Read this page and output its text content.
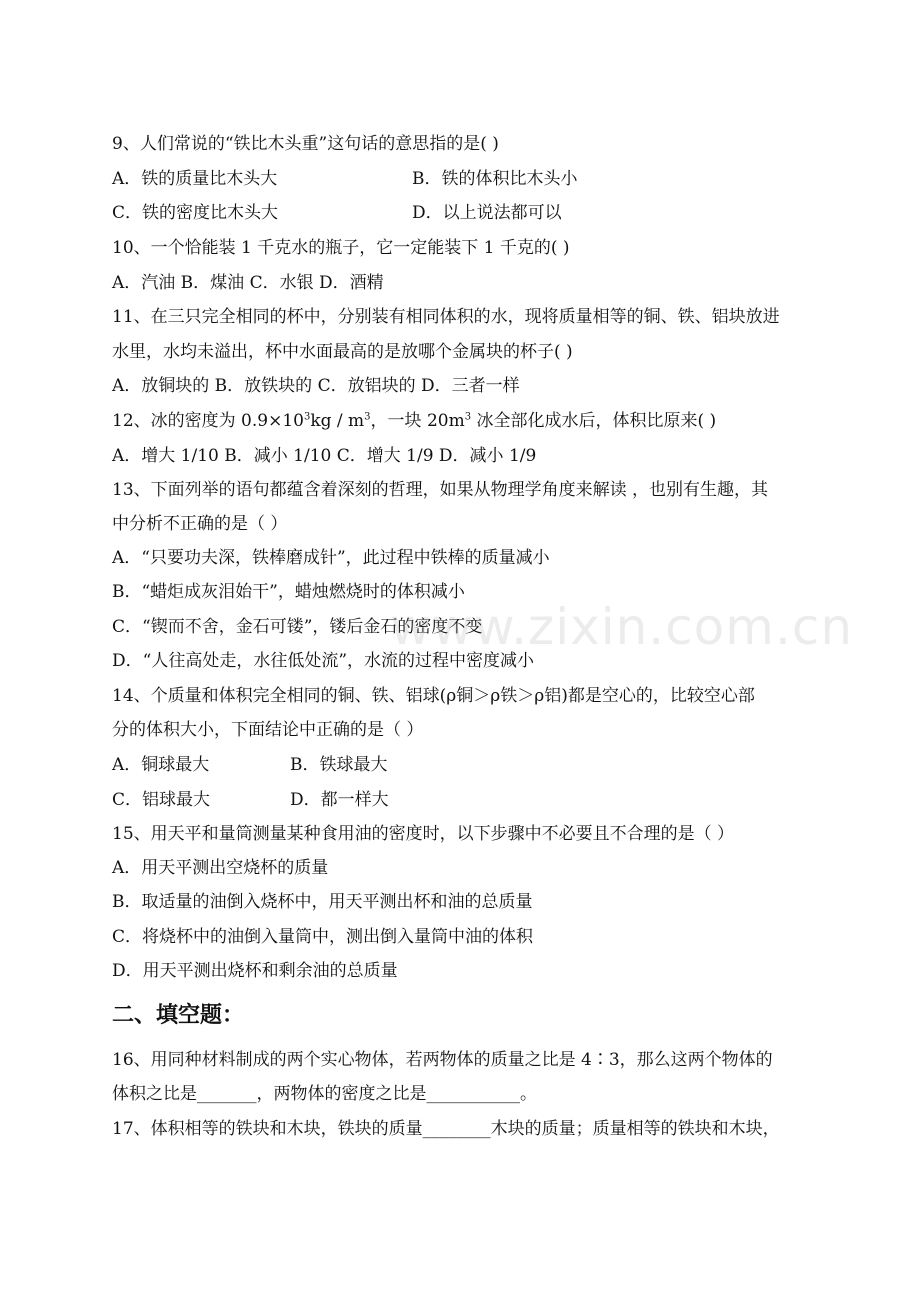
9、人们常说的“铁比木头重”这句话的意思指的是( )
A．铁的质量比木头大	B．铁的体积比木头小
C．铁的密度比木头大	D．以上说法都可以
10、一个恰能装 1 千克水的瓶子，它一定能装下 1 千克的( )
A．汽油 B．煤油 C．水银 D．酒精
11、在三只完全相同的杯中，分别装有相同体积的水，现将质量相等的铜、铁、铝块放进
水里，水均未溢出，杯中水面最高的是放哪个金属块的杯子( )
A．放铜块的 B．放铁块的 C．放铝块的 D．三者一样
12、冰的密度为 $0.9\times 10^3kg / m^3$，一块 $20m^3$ 冰全部化成水后，体积比原来( )
A．增大 1/10 B．减小 1/10 C．增大 1/9 D．减小 1/9
13、下面列举的语句都蕴含着深刻的哲理，如果从物理学角度来解读 ，也别有生趣，其
中分析不正确的是（ ）
A．“只要功夫深，铁棒磨成针”，此过程中铁棒的质量减小
B．“蜡炬成灰泪始干”，蜡烛燃烧时的体积减小
C．“锲而不舍，金石可镂”，镂后金石的密度不变
D．“人往高处走，水往低处流”，水流的过程中密度减小
14、个质量和体积完全相同的铜、铁、铝球(ρ铜＞ρ铁＞ρ铝)都是空心的，比较空心部
分的体积大小，下面结论中正确的是（ ）
A．铜球最大	B．铁球最大
C．铝球最大	D．都一样大
15、用天平和量筒测量某种食用油的密度时，以下步骤中不必要且不合理的是（ ）
A．用天平测出空烧杯的质量
B．取适量的油倒入烧杯中，用天平测出杯和油的总质量
C．将烧杯中的油倒入量筒中，测出倒入量筒中油的体积
D．用天平测出烧杯和剩余油的总质量
二、填空题：
16、用同种材料制成的两个实心物体，若两物体的质量之比是 4∶3，那么这两个物体的
体积之比是_______，两物体的密度之比是___________。
17、体积相等的铁块和木块，铁块的质量________木块的质量；质量相等的铁块和木块，
www.zixin.com.cn
